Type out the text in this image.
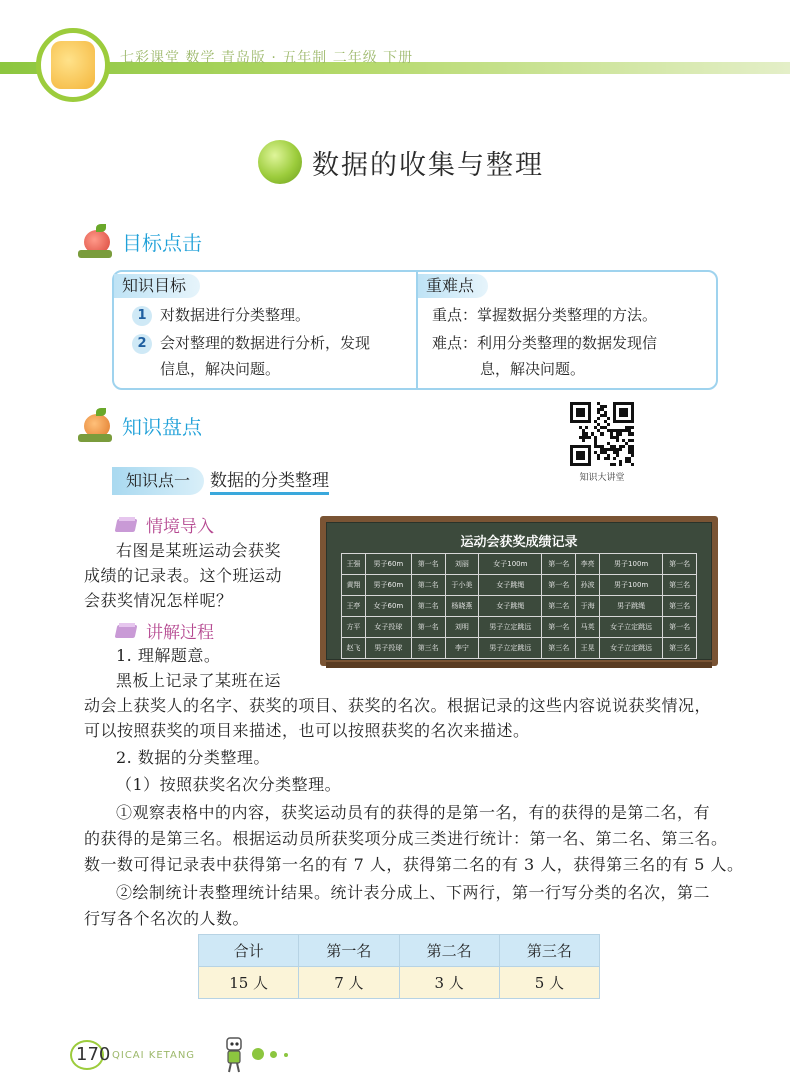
七彩课堂 数学 青岛版 · 五年制 二年级 下册
数据的收集与整理
目标点击
知识目标	重难点
1 对数据进行分类整理。
2 会对整理的数据进行分析，发现
信息，解决问题。
重点：掌握数据分类整理的方法。
难点：利用分类整理的数据发现信
息，解决问题。
知识盘点
知识大讲堂
知识点一	数据的分类整理
情境导入
右图是某班运动会获奖
成绩的记录表。这个班运动
会获奖情况怎样呢？
讲解过程
1. 理解题意。
黑板上记录了某班在运
动会上获奖人的名字、获奖的项目、获奖的名次。根据记录的这些内容说说获奖情况，
可以按照获奖的项目来描述，也可以按照获奖的名次来描述。
2. 数据的分类整理。
（1）按照获奖名次分类整理。
①观察表格中的内容，获奖运动员有的获得的是第一名，有的获得的是第二名，有
的获得的是第三名。根据运动员所获奖项分成三类进行统计：第一名、第二名、第三名。
数一数可得记录表中获得第一名的有 7 人，获得第二名的有 3 人，获得第三名的有 5 人。
②绘制统计表整理统计结果。统计表分成上、下两行，第一行写分类的名次，第二
行写各个名次的人数。
运动会获奖成绩记录
王强	男子60m	第一名	刘丽	女子100m	第一名	李亮	男子100m	第一名
黄翔	男子60m	第二名	于小美	女子跳绳	第一名	孙波	男子100m	第三名
王亭	女子60m	第二名	杨晓燕	女子跳绳	第二名	于海	男子跳绳	第三名
方平	女子投球	第一名	刘明	男子立定跳远	第一名	马英	女子立定跳远	第一名
赵飞	男子投球	第三名	李宁	男子立定跳远	第三名	王晃	女子立定跳远	第三名
合计	第一名	第二名	第三名
15 人	7 人	3 人	5 人
170 QICAI KETANG
